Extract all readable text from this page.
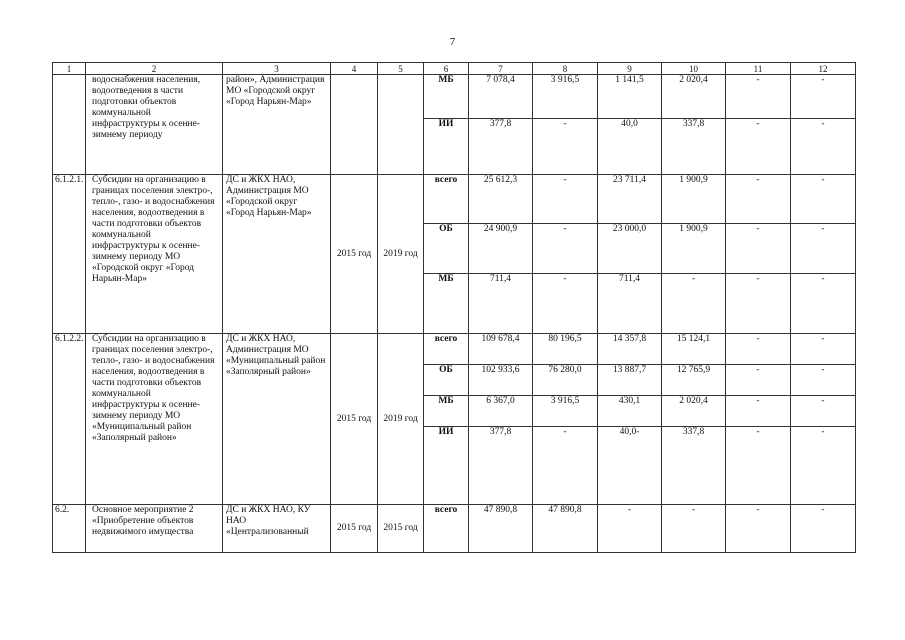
7
1	2	3	4	5	6	7	8	9	10	11	12
	водоснабжения населения, водоотведения в части подготовки объектов коммунальной инфраструктуры к осенне-зимнему периоду	район», Администрация МО «Городской округ «Город Нарьян-Мар»			МБ	7 078,4	3 916,5	1 141,5	2 020,4	-	-
					ИИ	377,8	-	40,0	337,8	-	-
6.1.2.1.	Субсидии на организацию в границах поселения электро-, тепло-, газо- и водоснабжения населения, водоотведения в части подготовки объектов коммунальной инфраструктуры к осенне-зимнему периоду МО «Городской округ «Город Нарьян-Мар»	ДС и ЖКХ НАО, Администрация МО «Городской округ «Город Нарьян-Мар»	2015 год	2019 год	всего	25 612,3	-	23 711,4	1 900,9	-	-
					ОБ	24 900,9	-	23 000,0	1 900,9	-	-
					МБ	711,4	-	711,4	-	-	-
6.1.2.2.	Субсидии на организацию в границах поселения электро-, тепло-, газо- и водоснабжения населения, водоотведения в части подготовки объектов коммунальной инфраструктуры к осенне-зимнему периоду МО «Муниципальный район «Заполярный район»	ДС и ЖКХ НАО, Администрация МО «Муниципальный район «Заполярный район»	2015 год	2019 год	всего	109 678,4	80 196,5	14 357,8	15 124,1	-	-
					ОБ	102 933,6	76 280,0	13 887,7	12 765,9	-	-
					МБ	6 367,0	3 916,5	430,1	2 020,4	-	-
					ИИ	377,8	-	40,0-	337,8	-	-
6.2.	Основное мероприятие 2 «Приобретение объектов недвижимого имущества	ДС и ЖКХ НАО, КУ НАО «Централизованный	2015 год	2015 год	всего	47 890,8	47 890,8	-	-	-	-
